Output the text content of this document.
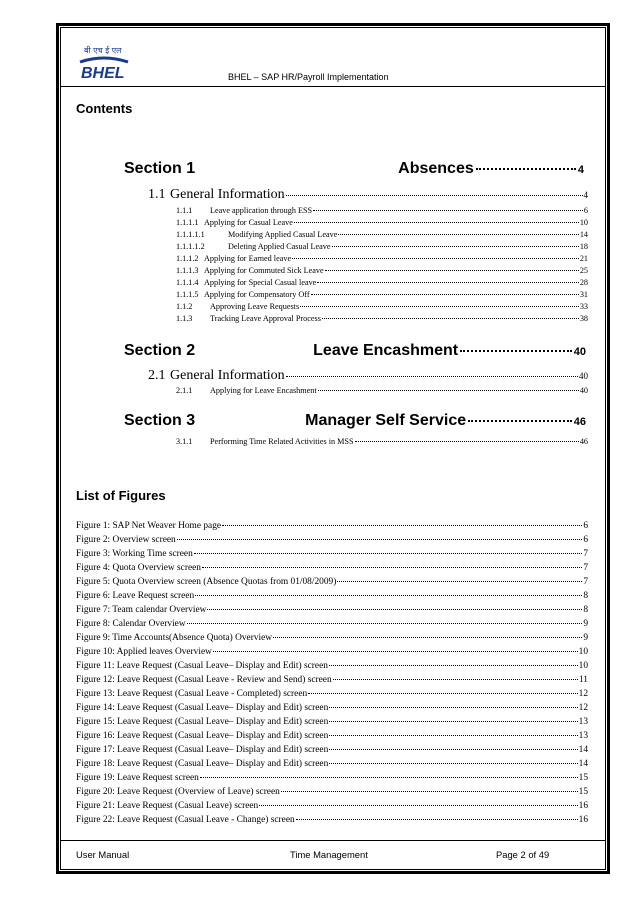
बी एच ई एल
BHEL	BHEL – SAP HR/Payroll Implementation
Contents
Section 1	Absences	4
1.1 General Information	4
1.1.1	Leave application through ESS	6
1.1.1.1 Applying for Casual Leave	10
1.1.1.1.1	Modifying Applied Casual Leave	14
1.1.1.1.2	Deleting Applied Casual Leave	18
1.1.1.2 Applying for Earned leave	21
1.1.1.3 Applying for Commuted Sick Leave	25
1.1.1.4 Applying for Special Casual leave	28
1.1.1.5 Applying for Compensatory Off	31
1.1.2	Approving Leave Requests	33
1.1.3	Tracking Leave Approval Process	38
Section 2	Leave Encashment	40
2.1 General Information	40
2.1.1	Applying for Leave Encashment	40
Section 3	Manager Self Service	46
3.1.1	Performing Time Related Activities in MSS	46
List of Figures
Figure 1: SAP Net Weaver Home page	6
Figure 2: Overview screen	6
Figure 3: Working Time screen	7
Figure 4: Quota Overview screen	7
Figure 5: Quota Overview screen (Absence Quotas from 01/08/2009)	7
Figure 6: Leave Request screen	8
Figure 7: Team calendar Overview	8
Figure 8: Calendar Overview	9
Figure 9: Time Accounts(Absence Quota) Overview	9
Figure 10: Applied leaves Overview	10
Figure 11: Leave Request (Casual Leave– Display and Edit) screen	10
Figure 12: Leave Request (Casual Leave - Review and Send) screen	11
Figure 13: Leave Request (Casual Leave - Completed) screen	12
Figure 14: Leave Request (Casual Leave– Display and Edit) screen	12
Figure 15: Leave Request (Casual Leave– Display and Edit) screen	13
Figure 16: Leave Request (Casual Leave– Display and Edit) screen	13
Figure 17: Leave Request (Casual Leave– Display and Edit) screen	14
Figure 18: Leave Request (Casual Leave– Display and Edit) screen	14
Figure 19: Leave Request screen	15
Figure 20: Leave Request (Overview of Leave) screen	15
Figure 21: Leave Request (Casual Leave) screen	16
Figure 22: Leave Request (Casual Leave - Change) screen	16
User Manual	Time Management	Page 2 of 49
